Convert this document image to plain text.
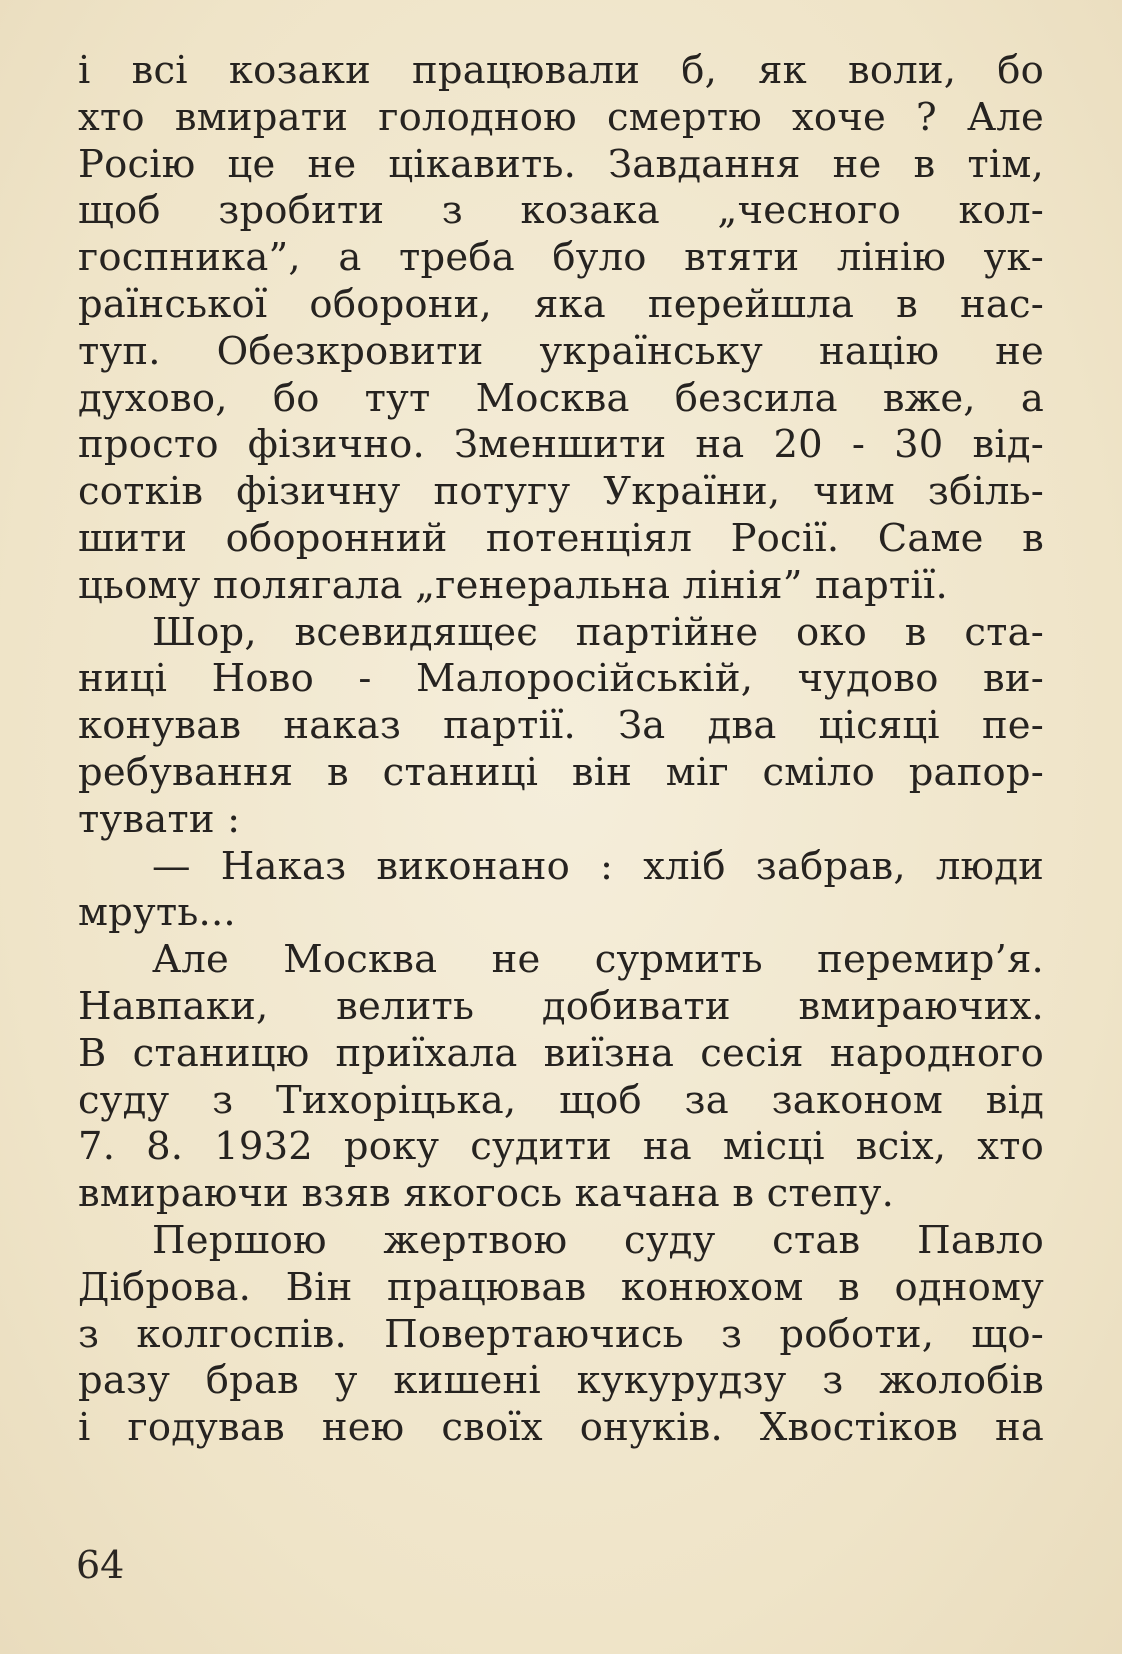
і всі козаки працювали б, як воли, бо
хто вмирати голодною смертю хоче ? Але
Росію це не цікавить. Завдання не в тім,
щоб зробити з козака „чесного кол-
госпника”, а треба було втяти лінію ук-
раїнської оборони, яка перейшла в нас-
туп. Обезкровити українську націю не
духово, бо тут Москва безсила вже, а
просто фізично. Зменшити на 20 - 30 від-
сотків фізичну потугу України, чим збіль-
шити оборонний потенціял Росії. Саме в
цьому полягала „генеральна лінія” партії.
Шор, всевидящеє партійне око в ста-
ниці Ново - Малоросійській, чудово ви-
конував наказ партії. За два цісяці пе-
ребування в станиці він міг сміло рапор-
тувати :
— Наказ виконано : хліб забрав, люди
мруть...
Але Москва не сурмить перемир’я.
Навпаки, велить добивати вмираючих.
В станицю приїхала виїзна сесія народного
суду з Тихоріцька, щоб за законом від
7. 8. 1932 року судити на місці всіх, хто
вмираючи взяв якогось качана в степу.
Першою жертвою суду став Павло
Діброва. Він працював конюхом в одному
з колгоспів. Повертаючись з роботи, що-
разу брав у кишені кукурудзу з жолобів
і годував нею своїх онуків. Хвостіков на
64
